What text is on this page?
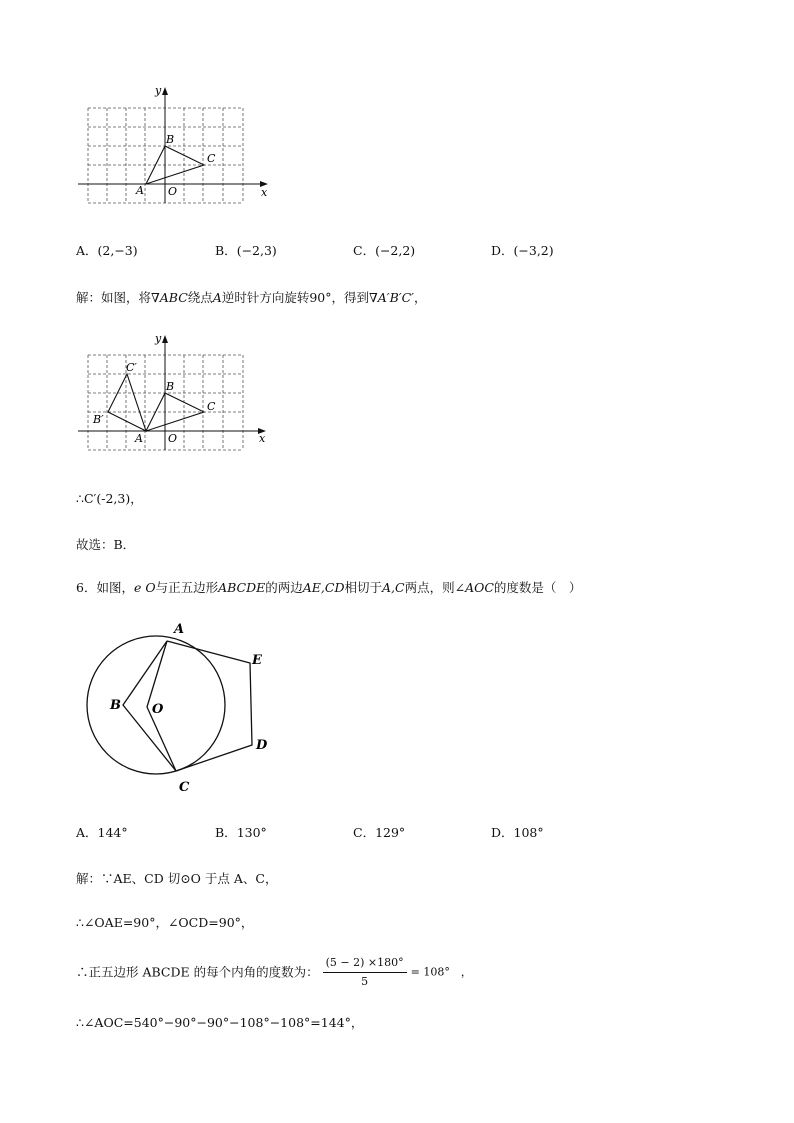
x
y
B
C
A O
A．(2,−3)	B．(−2,3)	C．(−2,2)	D．(−3,2)
解：如图，将∇ABC绕点A逆时针方向旋转90°，得到∇A′B′C′，
x
y
C′
B
C
B′
A O
∴C′(-2,3)，
故选：B．
6．如图，e O与正五边形ABCDE的两边AE,CD相切于A,C两点，则∠AOC的度数是（　）
A
E
B O
D
C
A．144°	B．130°	C．129°	D．108°
解：∵AE、CD 切⊙O 于点 A、C，
∴∠OAE=90°，∠OCD=90°，
∴正五边形 ABCDE 的每个内角的度数为： $\frac{(5 - 2) \times 180^\circ}{5} = 108^\circ$　，
∴∠AOC=540°−90°−90°−108°−108°=144°，
